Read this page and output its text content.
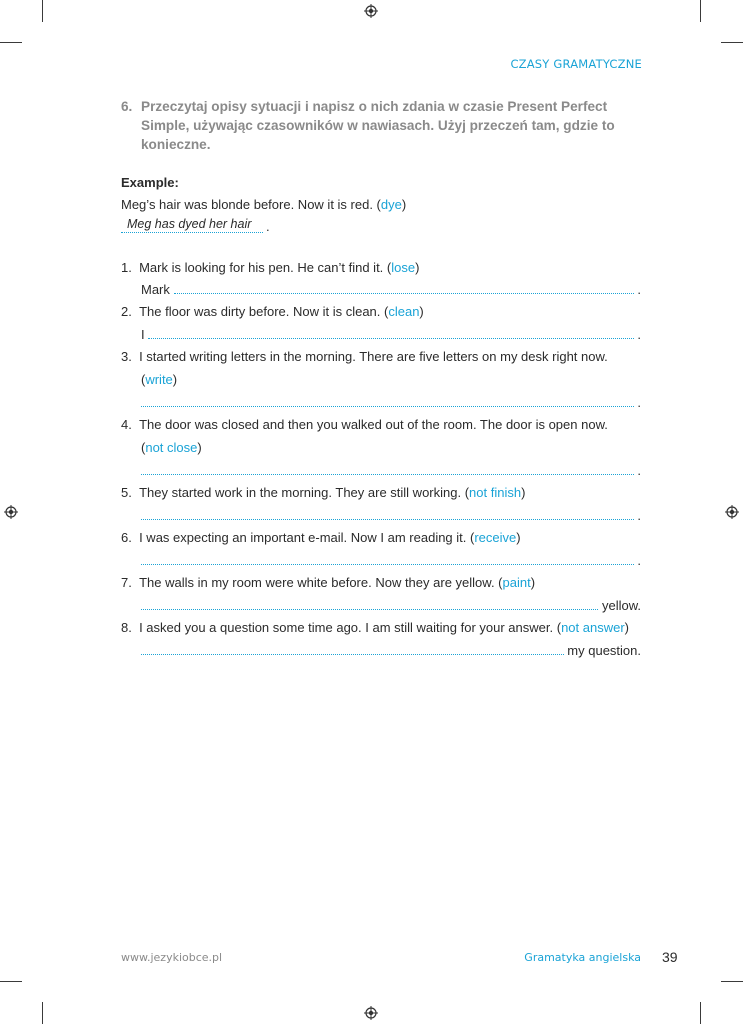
CZASY GRAMATYCZNE
6. Przeczytaj opisy sytuacji i napisz o nich zdania w czasie Present Perfect Simple, używając czasowników w nawiasach. Użyj przeczeń tam, gdzie to konieczne.
Example:
Meg’s hair was blonde before. Now it is red. (dye)
Meg has dyed her hair	.
1. Mark is looking for his pen. He can’t find it. (lose)
Mark

	.
2. The floor was dirty before. Now it is clean. (clean)
I

	.
3. I started writing letters in the morning. There are five letters on my desk right now.
(write)

.
4. The door was closed and then you walked out of the room. The door is open now.
(not close)

.
5. They started work in the morning. They are still working. (not finish)

.
6. I was expecting an important e-mail. Now I am reading it. (receive)

.
7. The walls in my room were white before. Now they are yellow. (paint)

yellow.
8. I asked you a question some time ago. I am still waiting for your answer. (not answer)

my question.
www.jezykiobce.pl	Gramatyka angielska 39
